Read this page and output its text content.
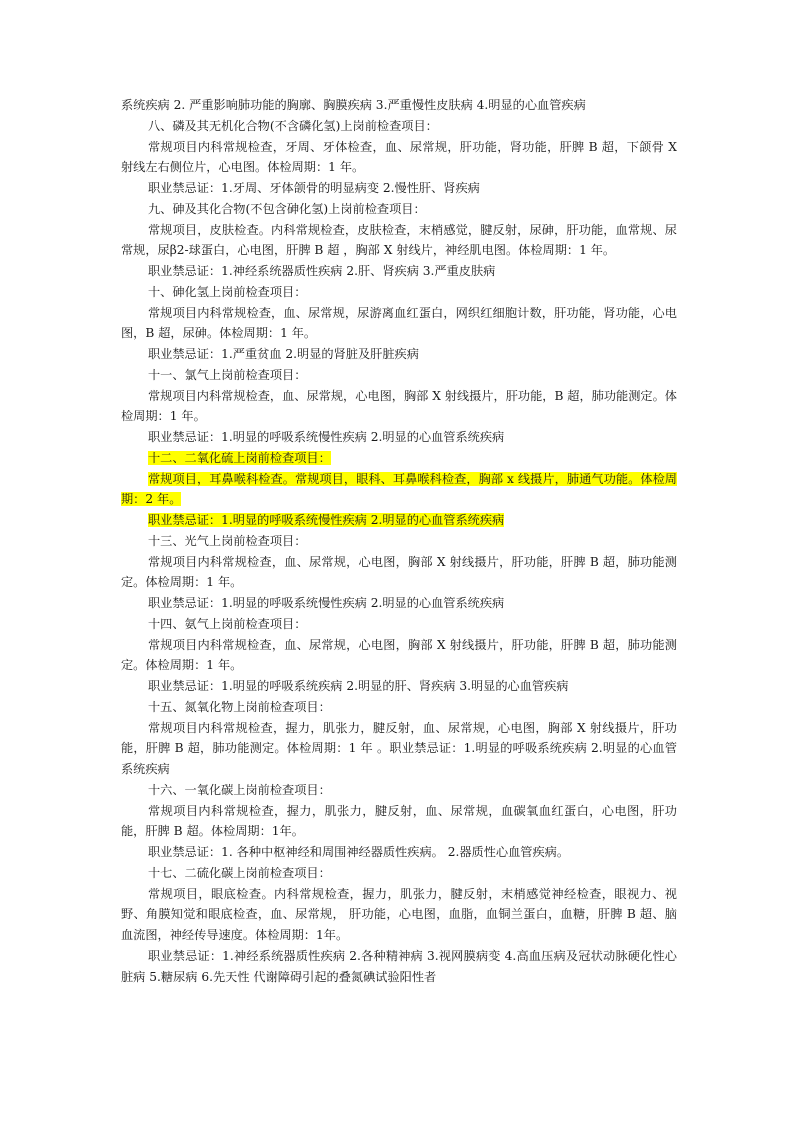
系统疾病 2. 严重影响肺功能的胸廓、胸膜疾病 3.严重慢性皮肤病 4.明显的心血管疾病

八、磷及其无机化合物(不含磷化氢)上岗前检查项目：

常规项目内科常规检查，牙周、牙体检查，血、尿常规，肝功能，肾功能，肝脾 B 超，下颌骨 X 射线左右侧位片，心电图。体检周期：1 年。

职业禁忌证：1.牙周、牙体颌骨的明显病变 2.慢性肝、肾疾病

九、砷及其化合物(不包含砷化氢)上岗前检查项目：

常规项目，皮肤检查。内科常规检查，皮肤检查，末梢感觉，腱反射，尿砷，肝功能，血常规、尿常规，尿β2-球蛋白，心电图，肝脾 B 超 ，胸部 X 射线片，神经肌电图。体检周期：1 年。

职业禁忌证：1.神经系统器质性疾病 2.肝、肾疾病 3.严重皮肤病

十、砷化氢上岗前检查项目：

常规项目内科常规检查，血、尿常规，尿游离血红蛋白，网织红细胞计数，肝功能，肾功能，心电图，B 超，尿砷。体检周期：1 年。

职业禁忌证：1.严重贫血 2.明显的肾脏及肝脏疾病

十一、氯气上岗前检查项目：

常规项目内科常规检查，血、尿常规，心电图，胸部 X 射线摄片，肝功能，B 超，肺功能测定。体检周期：1 年。

职业禁忌证：1.明显的呼吸系统慢性疾病 2.明显的心血管系统疾病

十二、二氧化硫上岗前检查项目：

常规项目，耳鼻喉科检查。常规项目，眼科、耳鼻喉科检查，胸部 x 线摄片，肺通气功能。体检周期：2 年。

职业禁忌证：1.明显的呼吸系统慢性疾病 2.明显的心血管系统疾病

十三、光气上岗前检查项目：

常规项目内科常规检查，血、尿常规，心电图，胸部 X 射线摄片，肝功能，肝脾 B 超，肺功能测定。体检周期：1 年。

职业禁忌证：1.明显的呼吸系统慢性疾病 2.明显的心血管系统疾病

十四、氨气上岗前检查项目：

常规项目内科常规检查，血、尿常规，心电图，胸部 X 射线摄片，肝功能，肝脾 B 超，肺功能测定。体检周期：1 年。

职业禁忌证：1.明显的呼吸系统疾病 2.明显的肝、肾疾病 3.明显的心血管疾病

十五、氮氧化物上岗前检查项目：

常规项目内科常规检查，握力，肌张力，腱反射，血、尿常规，心电图，胸部 X 射线摄片，肝功能，肝脾 B 超，肺功能测定。体检周期：1 年 。职业禁忌证：1.明显的呼吸系统疾病 2.明显的心血管系统疾病

十六、一氧化碳上岗前检查项目：

常规项目内科常规检查，握力，肌张力，腱反射，血、尿常规，血碳氧血红蛋白，心电图，肝功能，肝脾 B 超。体检周期：1年。

职业禁忌证：1. 各种中枢神经和周围神经器质性疾病。 2.器质性心血管疾病。

十七、二硫化碳上岗前检查项目：

常规项目，眼底检查。内科常规检查，握力，肌张力，腱反射，末梢感觉神经检查，眼视力、视野、角膜知觉和眼底检查，血、尿常规， 肝功能，心电图，血脂，血铜兰蛋白，血糖，肝脾 B 超、脑血流图，神经传导速度。体检周期：1年。

职业禁忌证：1.神经系统器质性疾病 2.各种精神病 3.视网膜病变 4.高血压病及冠状动脉硬化性心脏病 5.糖尿病 6.先天性 代谢障碍引起的叠氮碘试验阳性者
